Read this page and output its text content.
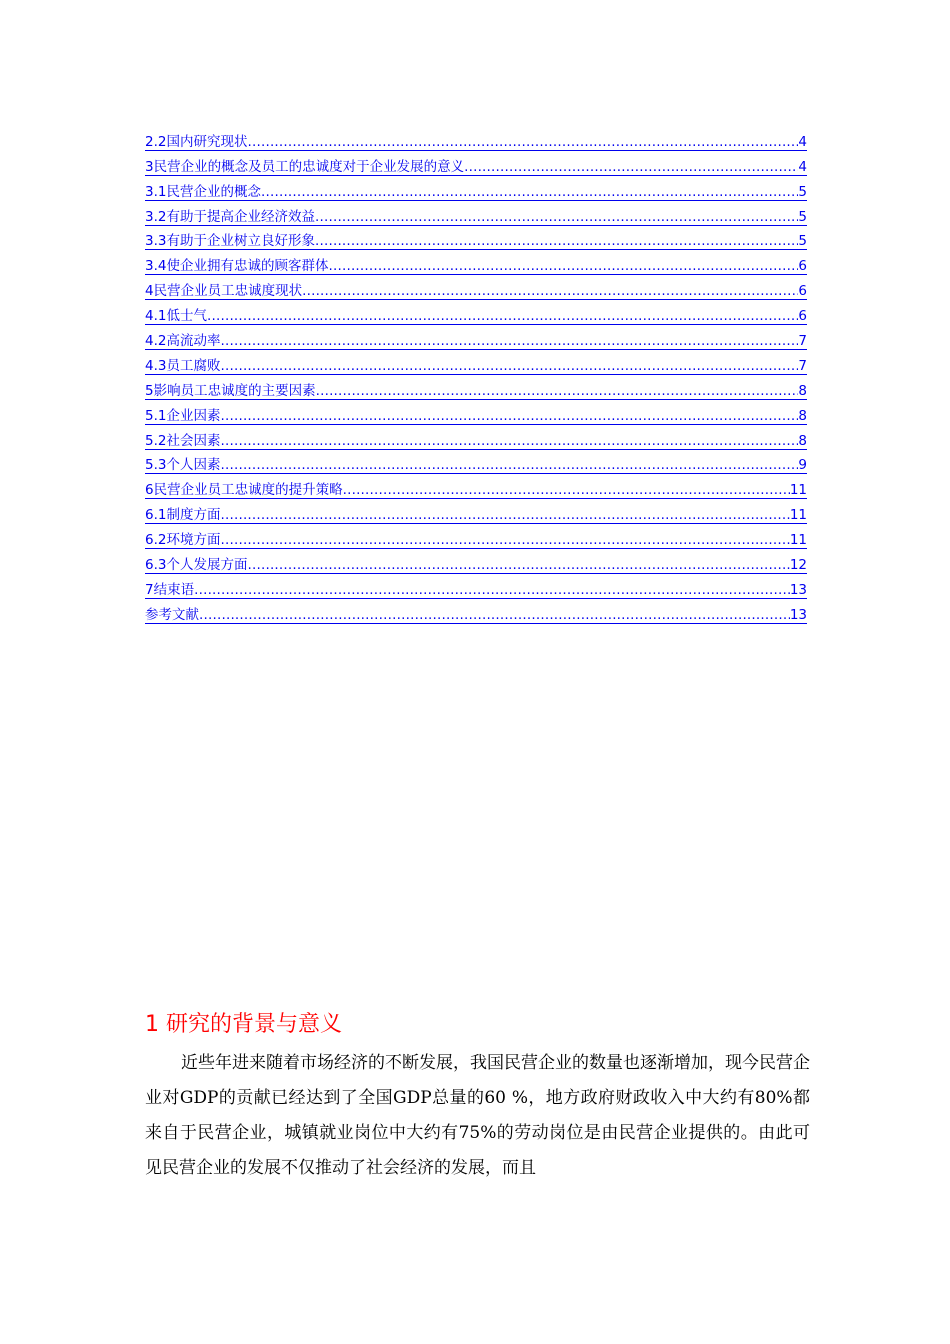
2.2国内研究现状 .....	4
3民营企业的概念及员工的忠诚度对于企业发展的意义 .....	4
3.1民营企业的概念 .....	5
3.2有助于提高企业经济效益 .....	5
3.3有助于企业树立良好形象 .....	5
3.4使企业拥有忠诚的顾客群体 .....	6
4民营企业员工忠诚度现状 .....	6
4.1低士气 .....	6
4.2高流动率 .....	7
4.3员工腐败 .....	7
5影响员工忠诚度的主要因素 .....	8
5.1企业因素 .....	8
5.2社会因素 .....	8
5.3个人因素 .....	9
6民营企业员工忠诚度的提升策略 .....	11
6.1制度方面 .....	11
6.2环境方面 .....	11
6.3个人发展方面 .....	12
7结束语 .....	13
参考文献 .....	13
1 研究的背景与意义

近些年进来随着市场经济的不断发展，我国民营企业的数量也逐渐增加，现今民营企业对GDP的贡献已经达到了全国GDP总量的60 %，地方政府财政收入中大约有80%都来自于民营企业，城镇就业岗位中大约有75%的劳动岗位是由民营企业提供的。由此可见民营企业的发展不仅推动了社会经济的发展，而且
